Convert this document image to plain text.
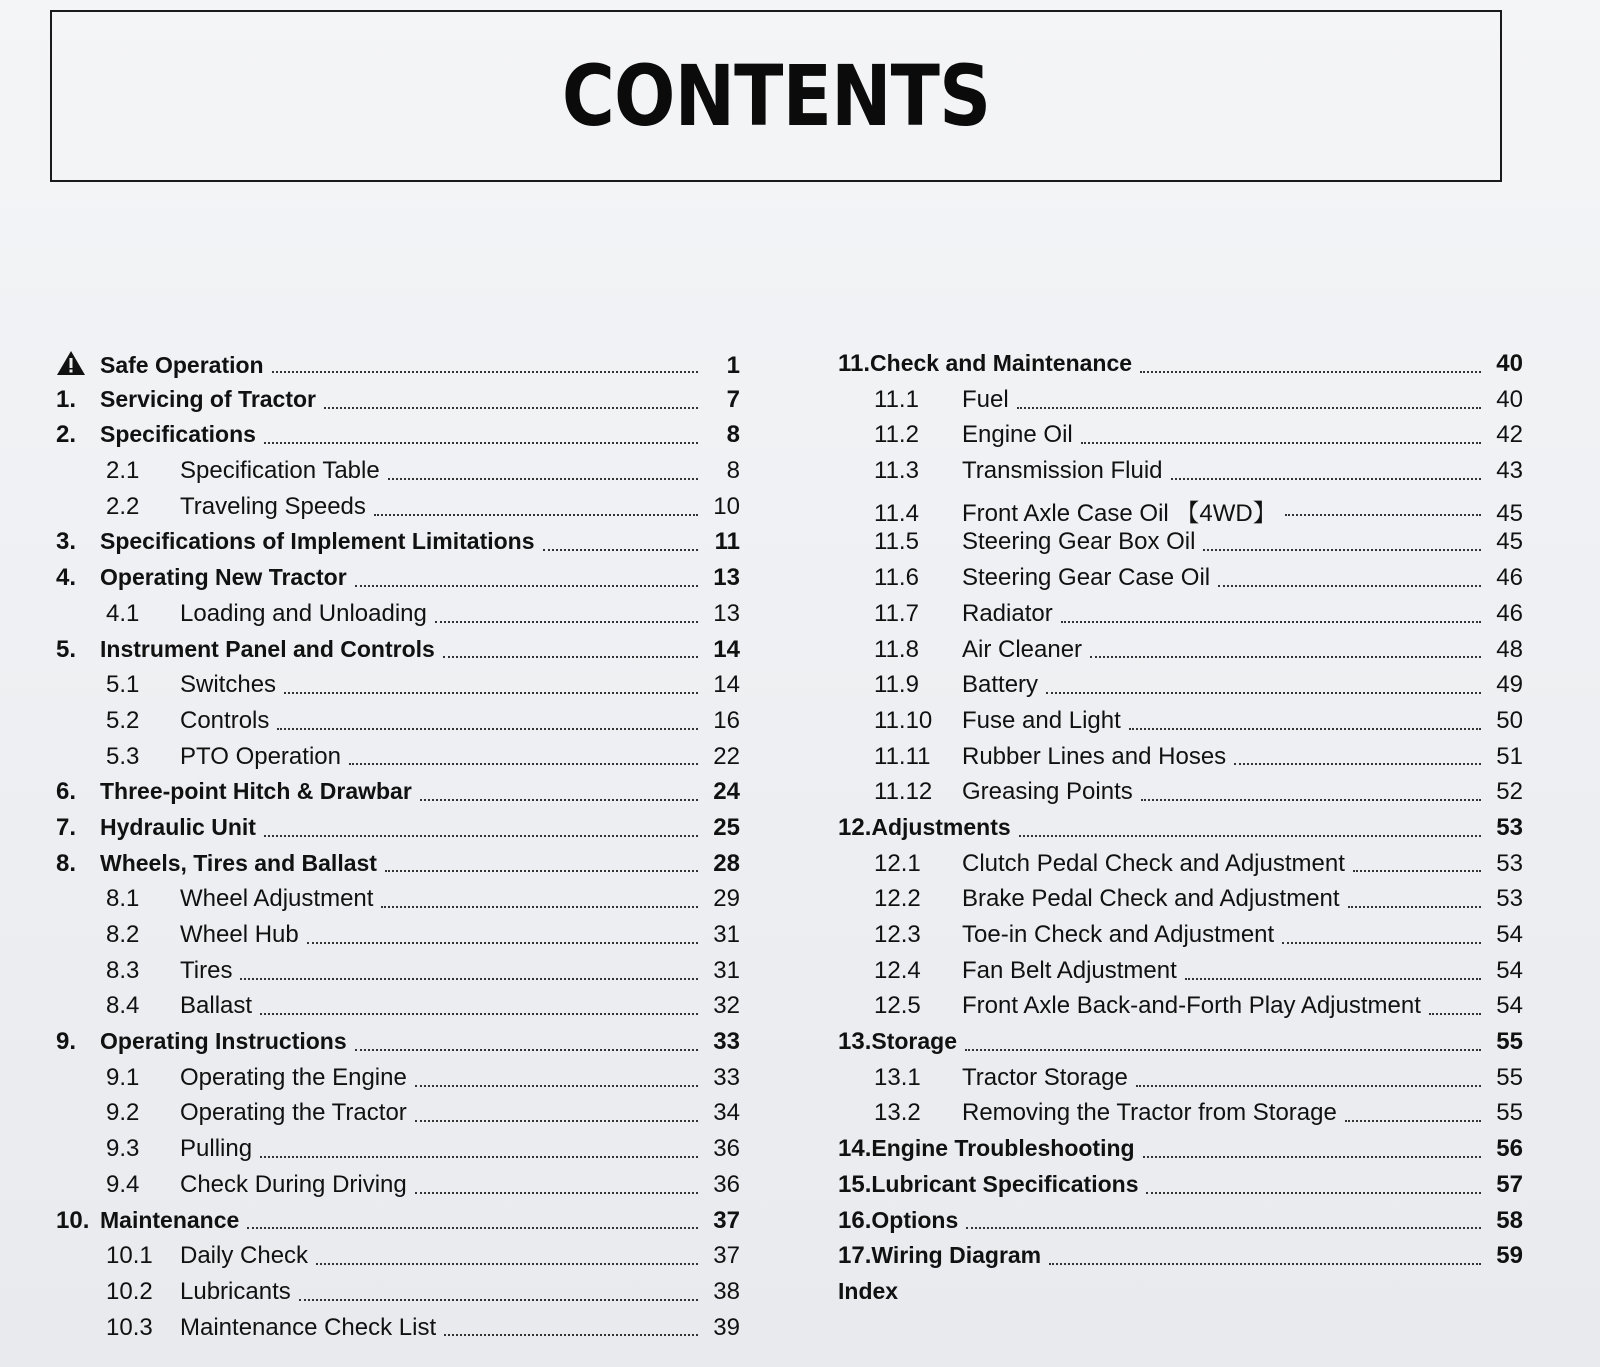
CONTENTS
Safe Operation	1
1.	Servicing of Tractor	7
2.	Specifications	8
2.1	Specification Table	8
2.2	Traveling Speeds	10
3.	Specifications of Implement Limitations	11
4.	Operating New Tractor	13
4.1	Loading and Unloading	13
5.	Instrument Panel and Controls	14
5.1	Switches	14
5.2	Controls	16
5.3	PTO Operation	22
6.	Three-point Hitch & Drawbar	24
7.	Hydraulic Unit	25
8.	Wheels, Tires and Ballast	28
8.1	Wheel Adjustment	29
8.2	Wheel Hub	31
8.3	Tires	31
8.4	Ballast	32
9.	Operating Instructions	33
9.1	Operating the Engine	33
9.2	Operating the Tractor	34
9.3	Pulling	36
9.4	Check During Driving	36
10. Maintenance	37
10.1	Daily Check	37
10.2	Lubricants	38
10.3	Maintenance Check List	39
11. Check and Maintenance	40
11.1	Fuel	40
11.2	Engine Oil	42
11.3	Transmission Fluid	43
11.4	Front Axle Case Oil 【4WD】	45
11.5	Steering Gear Box Oil	45
11.6	Steering Gear Case Oil	46
11.7	Radiator	46
11.8	Air Cleaner	48
11.9	Battery	49
11.10	Fuse and Light	50
11.11	Rubber Lines and Hoses	51
11.12	Greasing Points	52
12. Adjustments	53
12.1	Clutch Pedal Check and Adjustment	53
12.2	Brake Pedal Check and Adjustment	53
12.3	Toe-in Check and Adjustment	54
12.4	Fan Belt Adjustment	54
12.5	Front Axle Back-and-Forth Play Adjustment	54
13. Storage	55
13.1	Tractor Storage	55
13.2	Removing the Tractor from Storage	55
14. Engine Troubleshooting	56
15. Lubricant Specifications	57
16. Options	58
17. Wiring Diagram	59
Index
